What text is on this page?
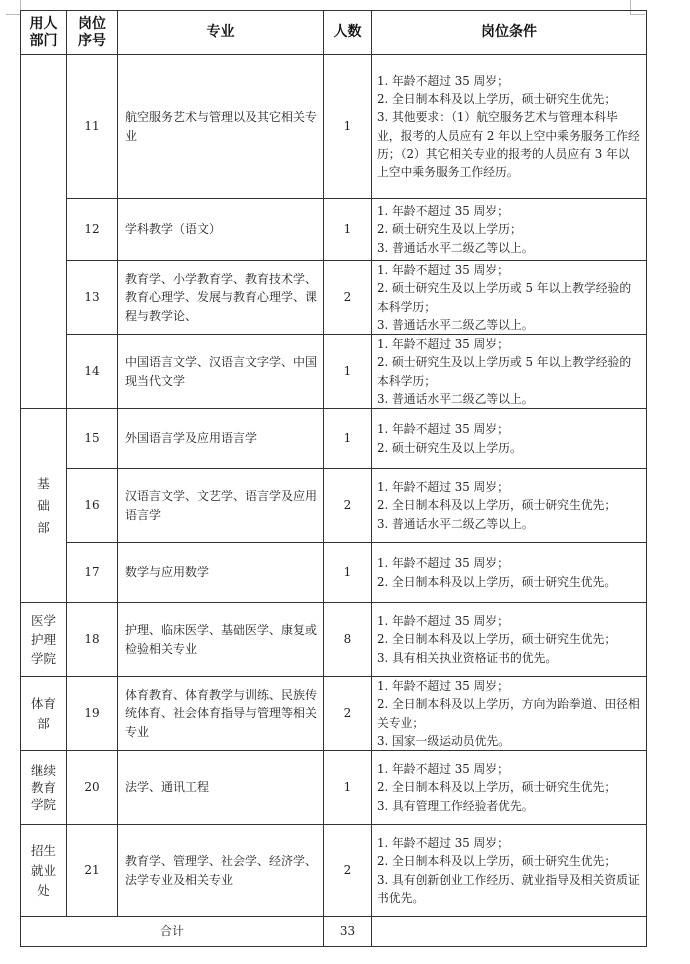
用人部门	岗位序号	专业	人数	岗位条件
	11	航空服务艺术与管理以及其它相关专业	1	1. 年龄不超过 35 周岁；
2. 全日制本科及以上学历，硕士研究生优先；
3. 其他要求：（1）航空服务艺术与管理本科毕业，报考的人员应有 2 年以上空中乘务服务工作经历；（2）其它相关专业的报考的人员应有 3 年以上空中乘务服务工作经历。

	12	学科教学（语文）	1	1. 年龄不超过 35 周岁；
2. 硕士研究生及以上学历；
3. 普通话水平二级乙等以上。

	13	教育学、小学教育学、教育技术学、教育心理学、发展与教育心理学、课程与教学论、	2	1. 年龄不超过 35 周岁；
2. 硕士研究生及以上学历或 5 年以上教学经验的本科学历；
3. 普通话水平二级乙等以上。

	14	中国语言文学、汉语言文字学、中国现当代文学	1	1. 年龄不超过 35 周岁；
2. 硕士研究生及以上学历或 5 年以上教学经验的本科学历；
3. 普通话水平二级乙等以上。

基础部	15	外国语言学及应用语言学	1	1. 年龄不超过 35 周岁；
2. 硕士研究生及以上学历。

	16	汉语言文学、文艺学、语言学及应用语言学	2	1. 年龄不超过 35 周岁；
2. 全日制本科及以上学历，硕士研究生优先；
3. 普通话水平二级乙等以上。

	17	数学与应用数学	1	1. 年龄不超过 35 周岁；
2. 全日制本科及以上学历，硕士研究生优先。

医学护理学院	18	护理、临床医学、基础医学、康复或检验相关专业	8	1. 年龄不超过 35 周岁；
2. 全日制本科及以上学历，硕士研究生优先；
3. 具有相关执业资格证书的优先。

体育部	19	体育教育、体育教学与训练、民族传统体育、社会体育指导与管理等相关专业	2	1. 年龄不超过 35 周岁；
2. 全日制本科及以上学历，方向为跆拳道、田径相关专业；
3. 国家一级运动员优先。

继续教育学院	20	法学、通讯工程	1	1. 年龄不超过 35 周岁；
2. 全日制本科及以上学历，硕士研究生优先；
3. 具有管理工作经验者优先。

招生就业处	21	教育学、管理学、社会学、经济学、法学专业及相关专业	2	1. 年龄不超过 35 周岁；
2. 全日制本科及以上学历，硕士研究生优先；
3. 具有创新创业工作经历、就业指导及相关资质证书优先。

合计			33	
